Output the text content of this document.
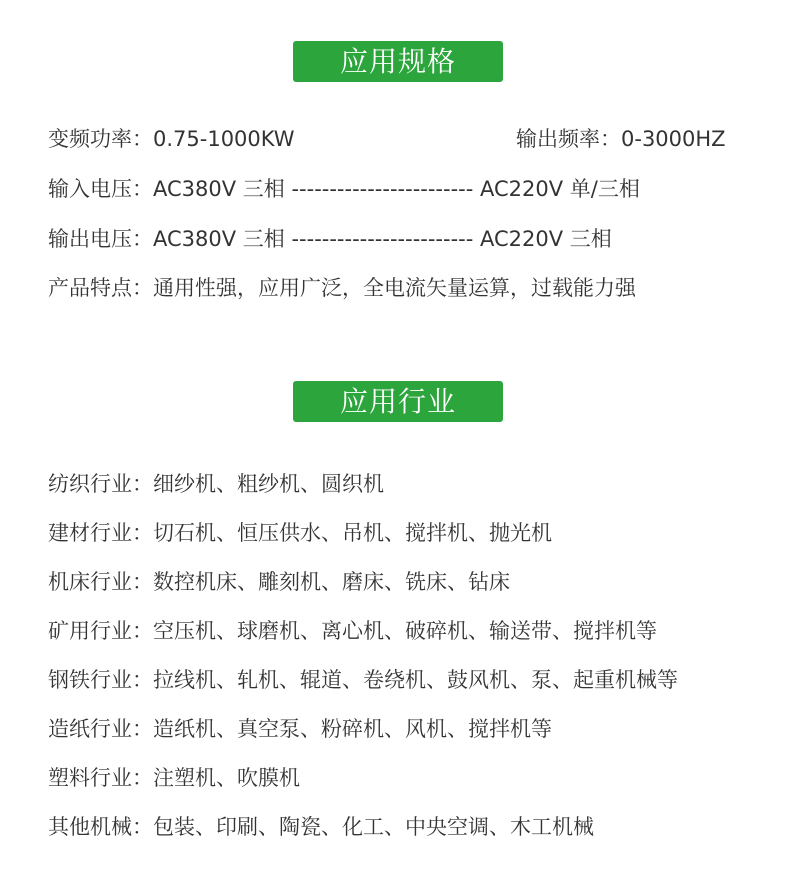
应用规格
变频功率：0.75-1000KW	输出频率：0-3000HZ
输入电压：AC380V 三相 ------------------------ AC220V 单/三相
输出电压：AC380V 三相 ------------------------ AC220V 三相
产品特点：通用性强，应用广泛，全电流矢量运算，过载能力强
应用行业
纺织行业：细纱机、粗纱机、圆织机
建材行业：切石机、恒压供水、吊机、搅拌机、抛光机
机床行业：数控机床、雕刻机、磨床、铣床、钻床
矿用行业：空压机、球磨机、离心机、破碎机、输送带、搅拌机等
钢铁行业：拉线机、轧机、辊道、卷绕机、鼓风机、泵、起重机械等
造纸行业：造纸机、真空泵、粉碎机、风机、搅拌机等
塑料行业：注塑机、吹膜机
其他机械：包装、印刷、陶瓷、化工、中央空调、木工机械
